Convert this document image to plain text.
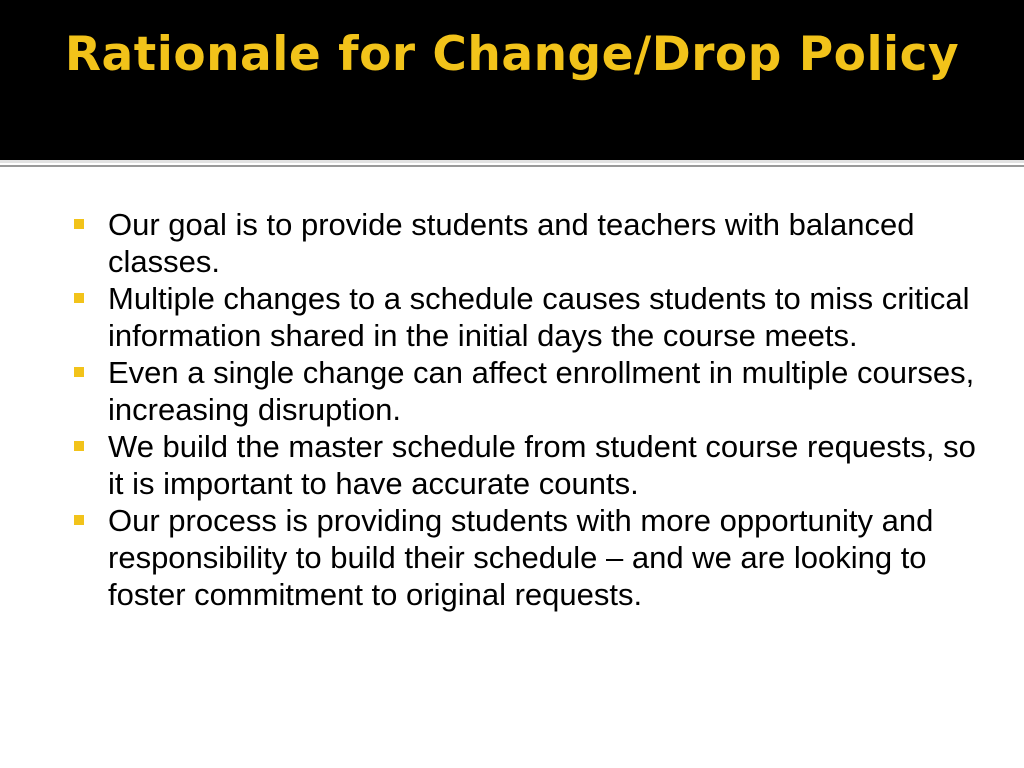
Rationale for Change/Drop Policy
Our goal is to provide students and teachers with balanced classes.
Multiple changes to a schedule causes students to miss critical information shared in the initial days the course meets.
Even a single change can affect enrollment in multiple courses, increasing disruption.
We build the master schedule from student course requests, so it is important to have accurate counts.
Our process is providing students with more opportunity and responsibility to build their schedule – and we are looking to foster commitment to original requests.
